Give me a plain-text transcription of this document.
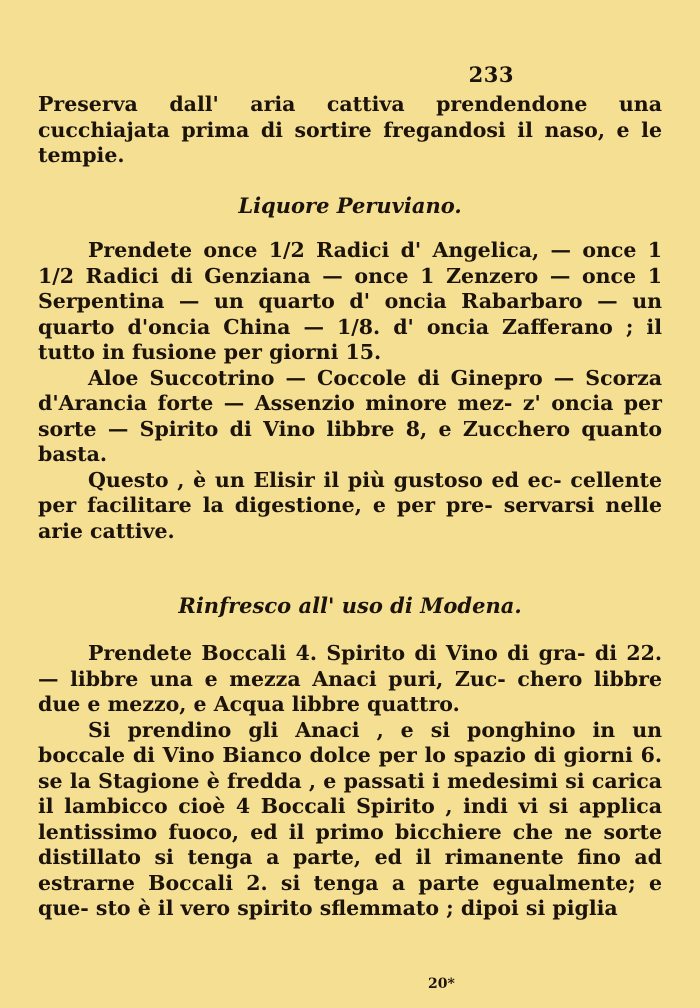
233

Preserva dall' aria cattiva prendendone una cucchiajata prima di sortire fregandosi il naso, e le tempie.

Liquore Peruviano.

Prendete once 1/2 Radici d' Angelica, — once 1 1/2 Radici di Genziana — once 1 Zenzero — once 1 Serpentina — un quarto d' oncia Rabarbaro — un quarto d'oncia China — 1/8. d' oncia Zafferano ; il tutto in fusione per giorni 15.

Aloe Succotrino — Coccole di Ginepro — Scorza d'Arancia forte — Assenzio minore mez- z' oncia per sorte — Spirito di Vino libbre 8, e Zucchero quanto basta.

Questo , è un Elisir il più gustoso ed ec- cellente per facilitare la digestione, e per pre- servarsi nelle arie cattive.

Rinfresco all' uso di Modena.

Prendete Boccali 4. Spirito di Vino di gra- di 22. — libbre una e mezza Anaci puri, Zuc- chero libbre due e mezzo, e Acqua libbre quattro.

Si prendino gli Anaci , e si ponghino in un boccale di Vino Bianco dolce per lo spazio di giorni 6. se la Stagione è fredda , e passati i medesimi si carica il lambicco cioè 4 Boccali Spirito , indi vi si applica lentissimo fuoco, ed il primo bicchiere che ne sorte distillato si tenga a parte, ed il rimanente fino ad estrarne Boccali 2. si tenga a parte egualmente; e que- sto è il vero spirito sflemmato ; dipoi si piglia

20*
